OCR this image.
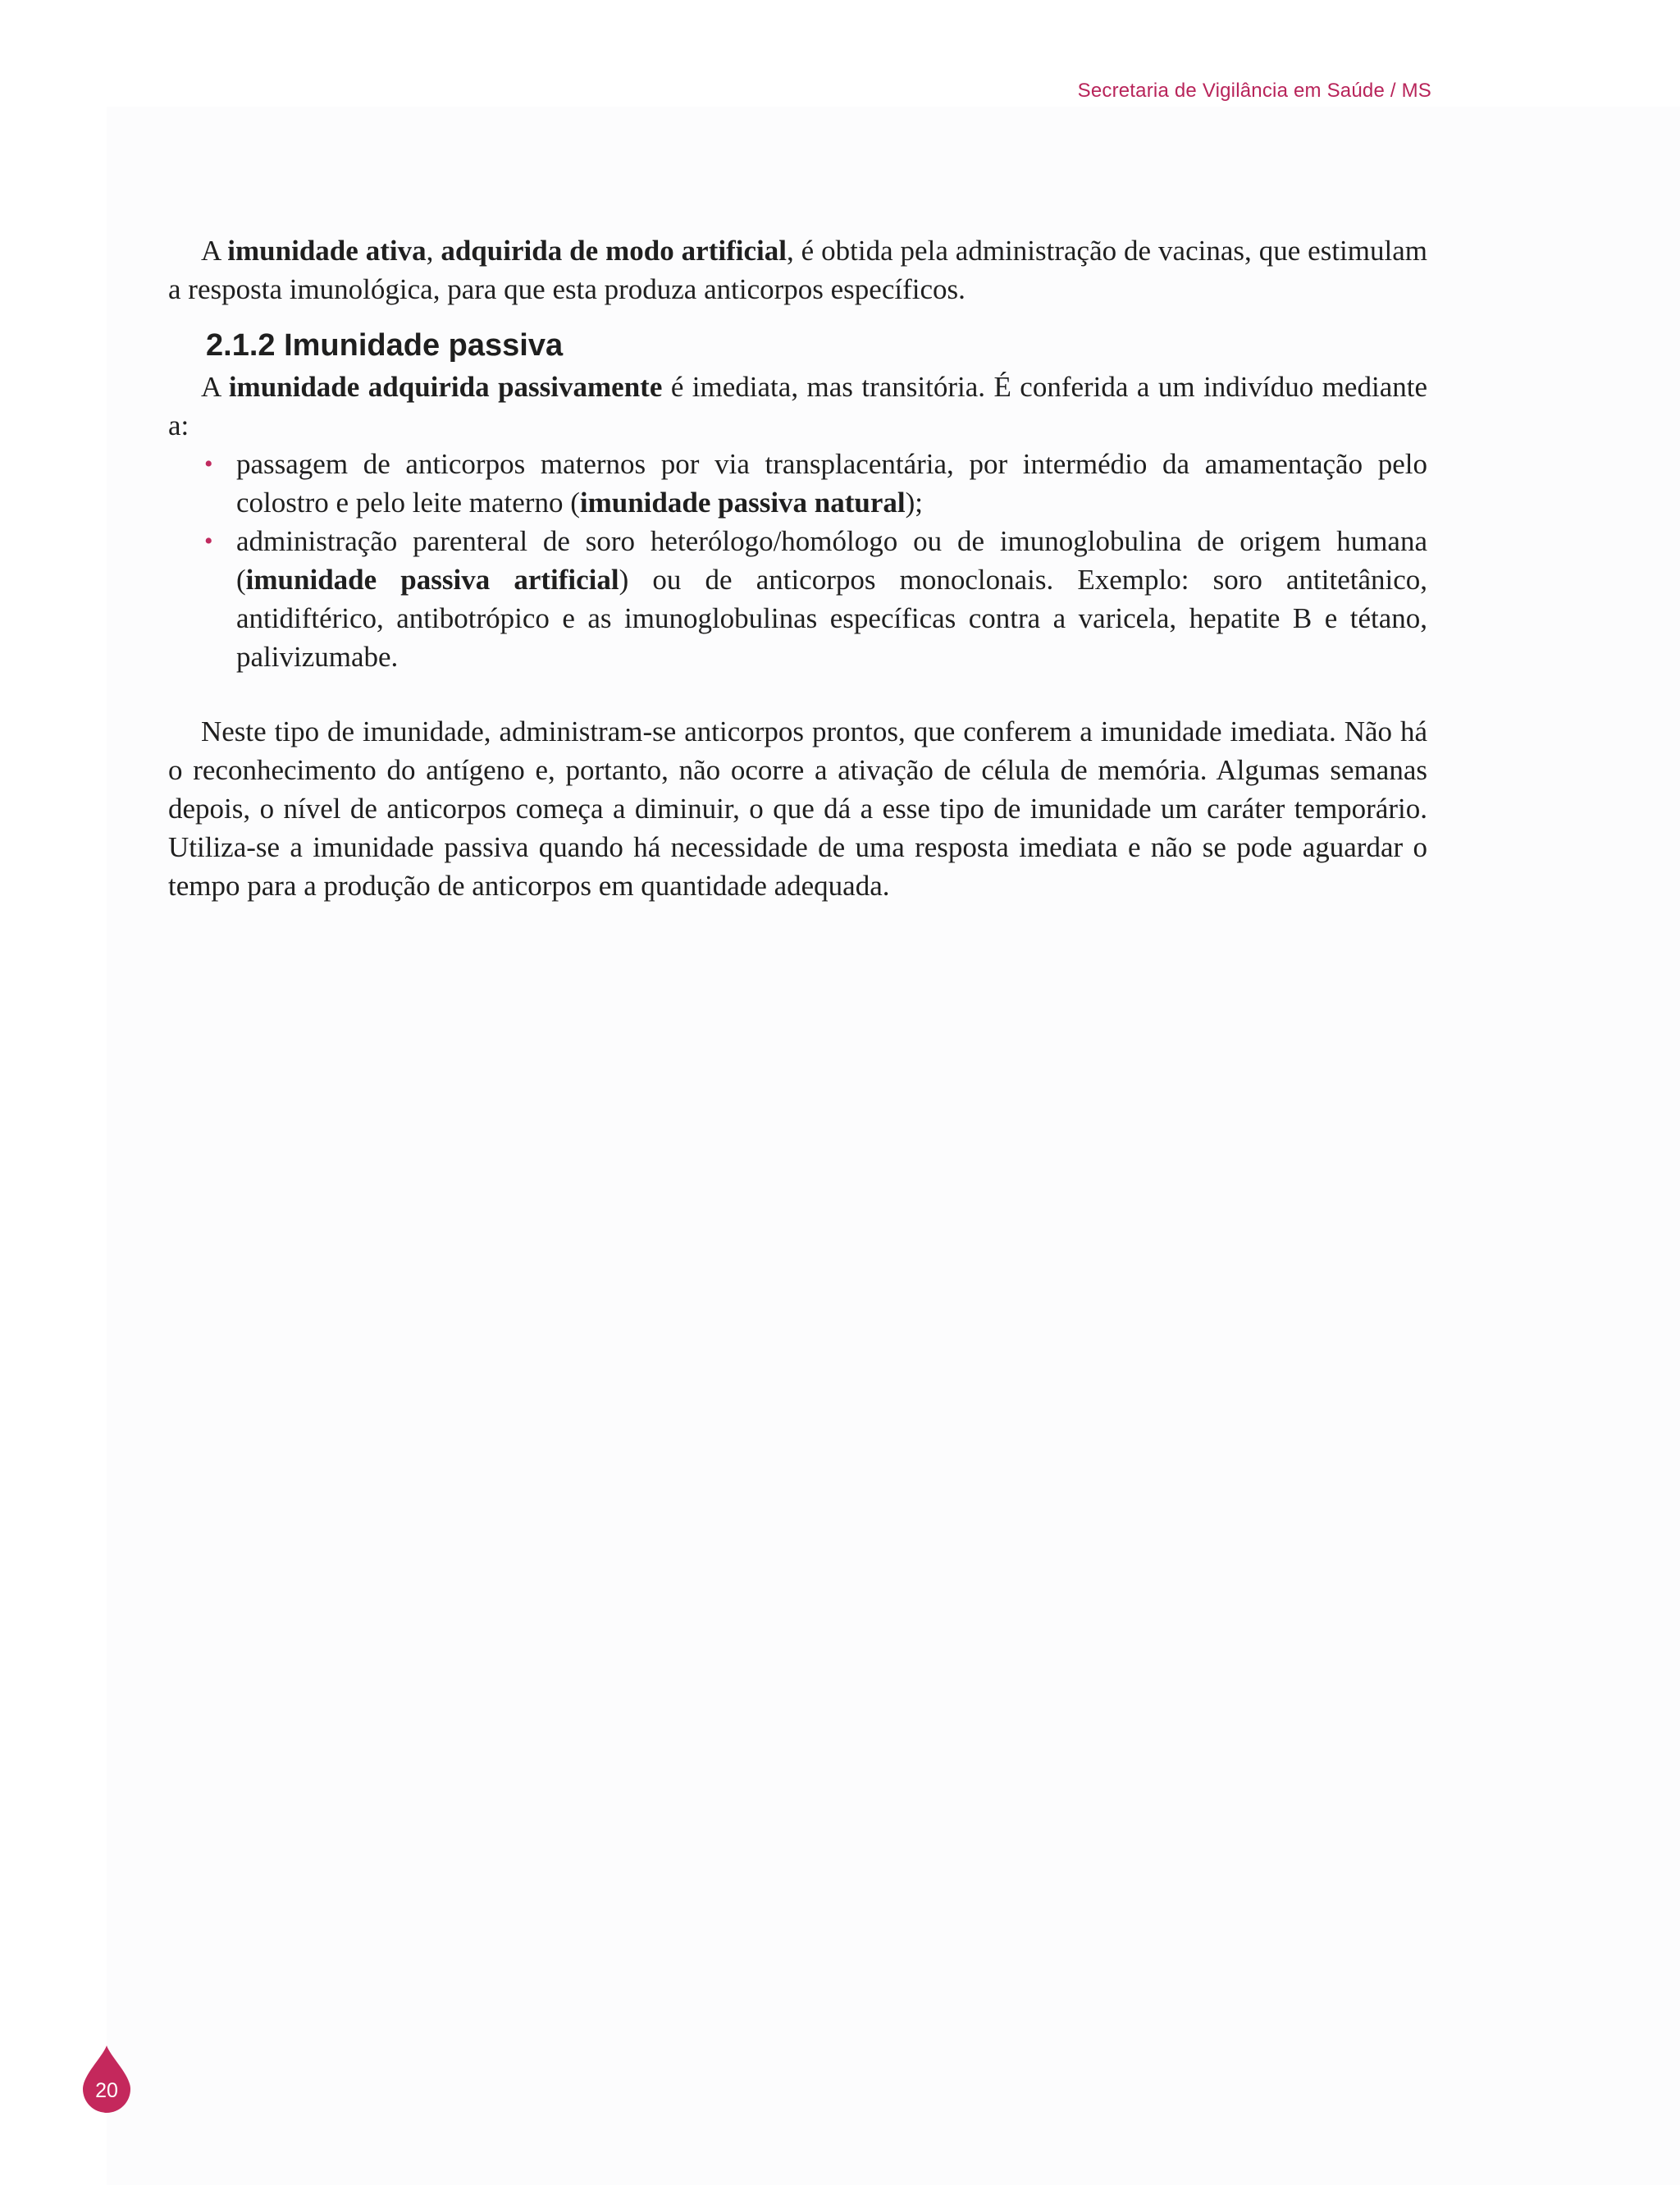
Secretaria de Vigilância em Saúde / MS

A imunidade ativa, adquirida de modo artificial, é obtida pela administração de vacinas, que estimulam a resposta imunológica, para que esta produza anticorpos específicos.

2.1.2 Imunidade passiva

A imunidade adquirida passivamente é imediata, mas transitória. É conferida a um indivíduo mediante a:

• passagem de anticorpos maternos por via transplacentária, por intermédio da amamentação pelo colostro e pelo leite materno (imunidade passiva natural);
• administração parenteral de soro heterólogo/homólogo ou de imunoglobulina de origem humana (imunidade passiva artificial) ou de anticorpos monoclonais. Exemplo: soro antitetânico, antidiftérico, antibotrópico e as imunoglobulinas específicas contra a varicela, hepatite B e tétano, palivizumabe.

Neste tipo de imunidade, administram-se anticorpos prontos, que conferem a imunidade imediata. Não há o reconhecimento do antígeno e, portanto, não ocorre a ativação de célula de memória. Algumas semanas depois, o nível de anticorpos começa a diminuir, o que dá a esse tipo de imunidade um caráter temporário. Utiliza-se a imunidade passiva quando há necessidade de uma resposta imediata e não se pode aguardar o tempo para a produção de anticorpos em quantidade adequada.

20
